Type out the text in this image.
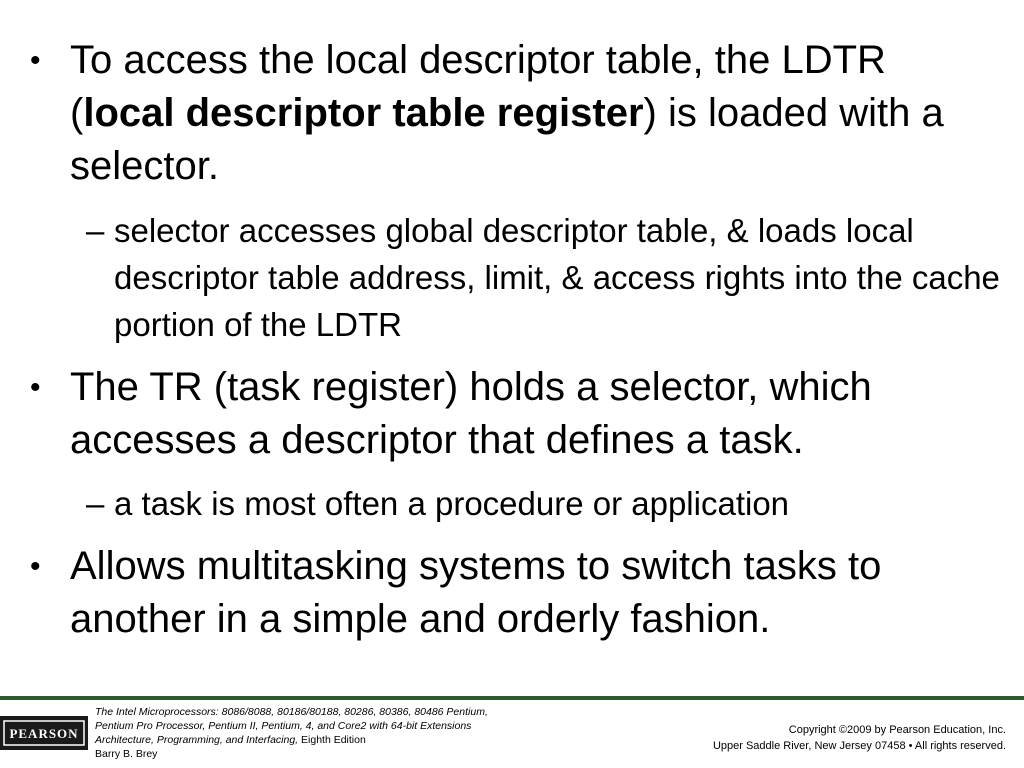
• To access the local descriptor table, the LDTR (local descriptor table register) is loaded with a selector.
– selector accesses global descriptor table, & loads local descriptor table address, limit, & access rights into the cache portion of the LDTR
• The TR (task register) holds a selector, which accesses a descriptor that defines a task.
– a task is most often a procedure or application
• Allows multitasking systems to switch tasks to another in a simple and orderly fashion.
PEARSON
The Intel Microprocessors: 8086/8088, 80186/80188, 80286, 80386, 80486 Pentium,
Pentium Pro Processor, Pentium II, Pentium, 4, and Core2 with 64-bit Extensions
Architecture, Programming, and Interfacing, Eighth Edition
Barry B. Brey
Copyright ©2009 by Pearson Education, Inc.
Upper Saddle River, New Jersey 07458 • All rights reserved.
